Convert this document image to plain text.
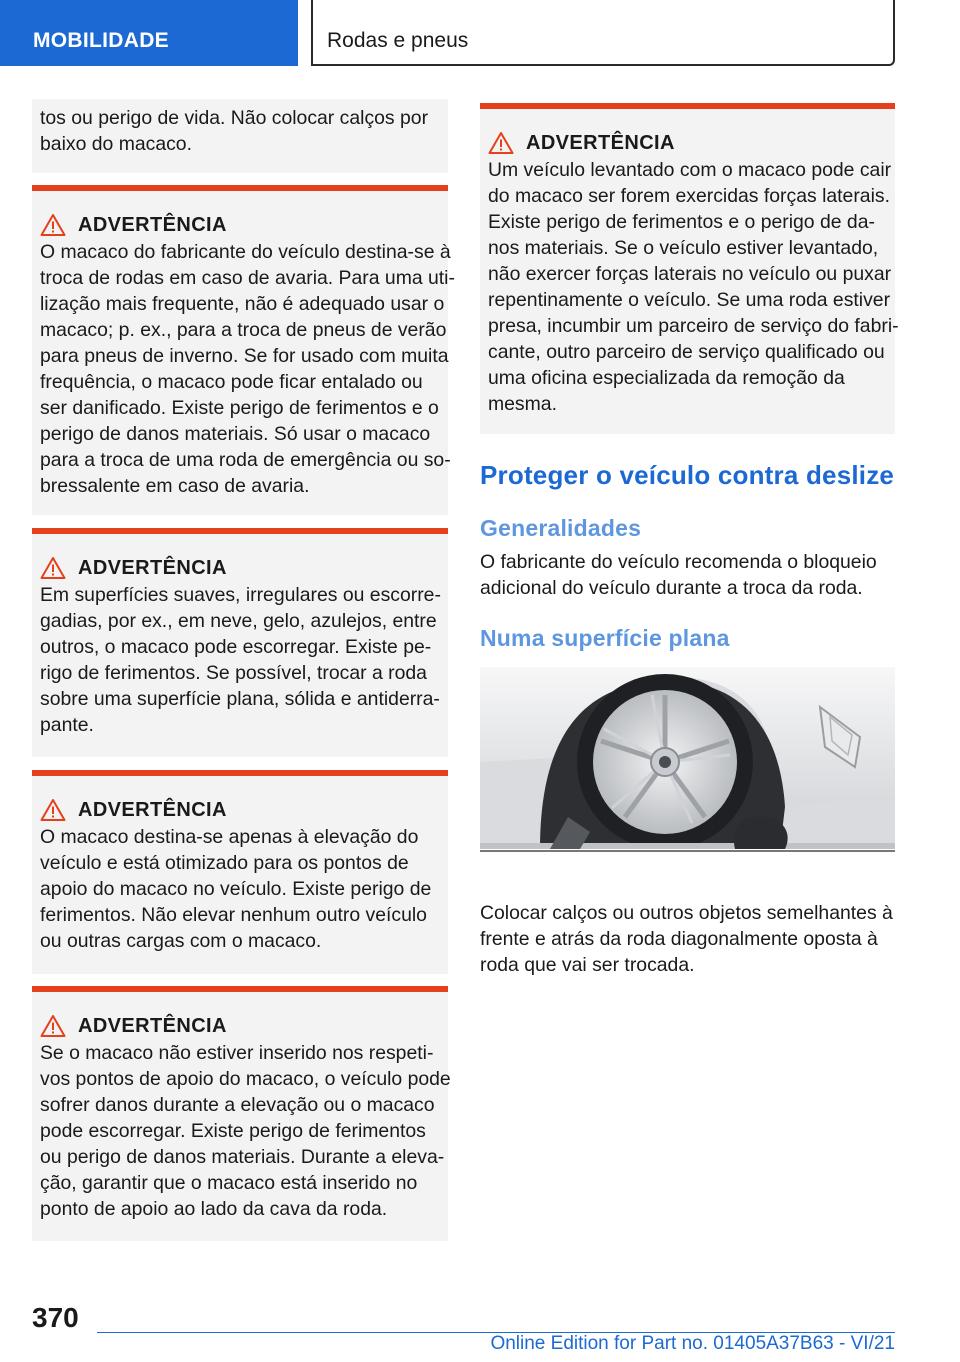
MOBILIDADE	Rodas e pneus
tos ou perigo de vida. Não colocar calços por
baixo do macaco.
ADVERTÊNCIA
O macaco do fabricante do veículo destina-se à
troca de rodas em caso de avaria. Para uma uti-
lização mais frequente, não é adequado usar o
macaco; p. ex., para a troca de pneus de verão
para pneus de inverno. Se for usado com muita
frequência, o macaco pode ficar entalado ou
ser danificado. Existe perigo de ferimentos e o
perigo de danos materiais. Só usar o macaco
para a troca de uma roda de emergência ou so-
bressalente em caso de avaria.
ADVERTÊNCIA
Em superfícies suaves, irregulares ou escorre-
gadias, por ex., em neve, gelo, azulejos, entre
outros, o macaco pode escorregar. Existe pe-
rigo de ferimentos. Se possível, trocar a roda
sobre uma superfície plana, sólida e antiderra-
pante.
ADVERTÊNCIA
O macaco destina-se apenas à elevação do
veículo e está otimizado para os pontos de
apoio do macaco no veículo. Existe perigo de
ferimentos. Não elevar nenhum outro veículo
ou outras cargas com o macaco.
ADVERTÊNCIA
Se o macaco não estiver inserido nos respeti-
vos pontos de apoio do macaco, o veículo pode
sofrer danos durante a elevação ou o macaco
pode escorregar. Existe perigo de ferimentos
ou perigo de danos materiais. Durante a eleva-
ção, garantir que o macaco está inserido no
ponto de apoio ao lado da cava da roda.
ADVERTÊNCIA
Um veículo levantado com o macaco pode cair
do macaco ser forem exercidas forças laterais.
Existe perigo de ferimentos e o perigo de da-
nos materiais. Se o veículo estiver levantado,
não exercer forças laterais no veículo ou puxar
repentinamente o veículo. Se uma roda estiver
presa, incumbir um parceiro de serviço do fabri-
cante, outro parceiro de serviço qualificado ou
uma oficina especializada da remoção da
mesma.
Proteger o veículo contra deslize
Generalidades
O fabricante do veículo recomenda o bloqueio
adicional do veículo durante a troca da roda.
Numa superfície plana
Colocar calços ou outros objetos semelhantes à
frente e atrás da roda diagonalmente oposta à
roda que vai ser trocada.
370
Online Edition for Part no. 01405A37B63 - VI/21
